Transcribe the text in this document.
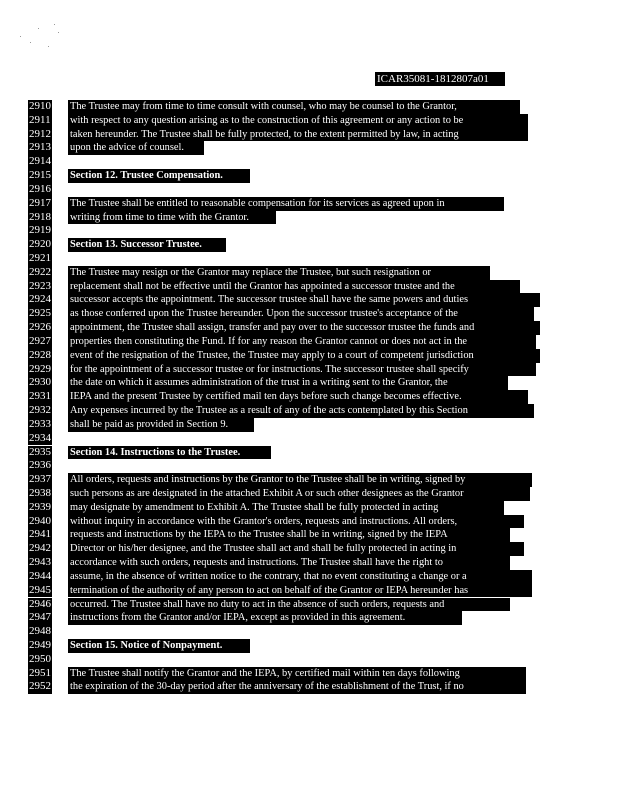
ICAR35081-1812807a01
2910 The Trustee may from time to time consult with counsel, who may be counsel to the Grantor,
2911 with respect to any question arising as to the construction of this agreement or any action to be
2912 taken hereunder. The Trustee shall be fully protected, to the extent permitted by law, in acting
2913 upon the advice of counsel.
2914
2915 Section 12. Trustee Compensation.
2916
2917 The Trustee shall be entitled to reasonable compensation for its services as agreed upon in
2918 writing from time to time with the Grantor.
2919
2920 Section 13. Successor Trustee.
2921
2922 The Trustee may resign or the Grantor may replace the Trustee, but such resignation or
2923 replacement shall not be effective until the Grantor has appointed a successor trustee and the
2924 successor accepts the appointment. The successor trustee shall have the same powers and duties
2925 as those conferred upon the Trustee hereunder. Upon the successor trustee's acceptance of the
2926 appointment, the Trustee shall assign, transfer and pay over to the successor trustee the funds and
2927 properties then constituting the Fund. If for any reason the Grantor cannot or does not act in the
2928 event of the resignation of the Trustee, the Trustee may apply to a court of competent jurisdiction
2929 for the appointment of a successor trustee or for instructions. The successor trustee shall specify
2930 the date on which it assumes administration of the trust in a writing sent to the Grantor, the
2931 IEPA and the present Trustee by certified mail ten days before such change becomes effective.
2932 Any expenses incurred by the Trustee as a result of any of the acts contemplated by this Section
2933 shall be paid as provided in Section 9.
2934
2935 Section 14. Instructions to the Trustee.
2936
2937 All orders, requests and instructions by the Grantor to the Trustee shall be in writing, signed by
2938 such persons as are designated in the attached Exhibit A or such other designees as the Grantor
2939 may designate by amendment to Exhibit A. The Trustee shall be fully protected in acting
2940 without inquiry in accordance with the Grantor's orders, requests and instructions. All orders,
2941 requests and instructions by the IEPA to the Trustee shall be in writing, signed by the IEPA
2942 Director or his/her designee, and the Trustee shall act and shall be fully protected in acting in
2943 accordance with such orders, requests and instructions. The Trustee shall have the right to
2944 assume, in the absence of written notice to the contrary, that no event constituting a change or a
2945 termination of the authority of any person to act on behalf of the Grantor or IEPA hereunder has
2946 occurred. The Trustee shall have no duty to act in the absence of such orders, requests and
2947 instructions from the Grantor and/or IEPA, except as provided in this agreement.
2948
2949 Section 15. Notice of Nonpayment.
2950
2951 The Trustee shall notify the Grantor and the IEPA, by certified mail within ten days following
2952 the expiration of the 30-day period after the anniversary of the establishment of the Trust, if no
